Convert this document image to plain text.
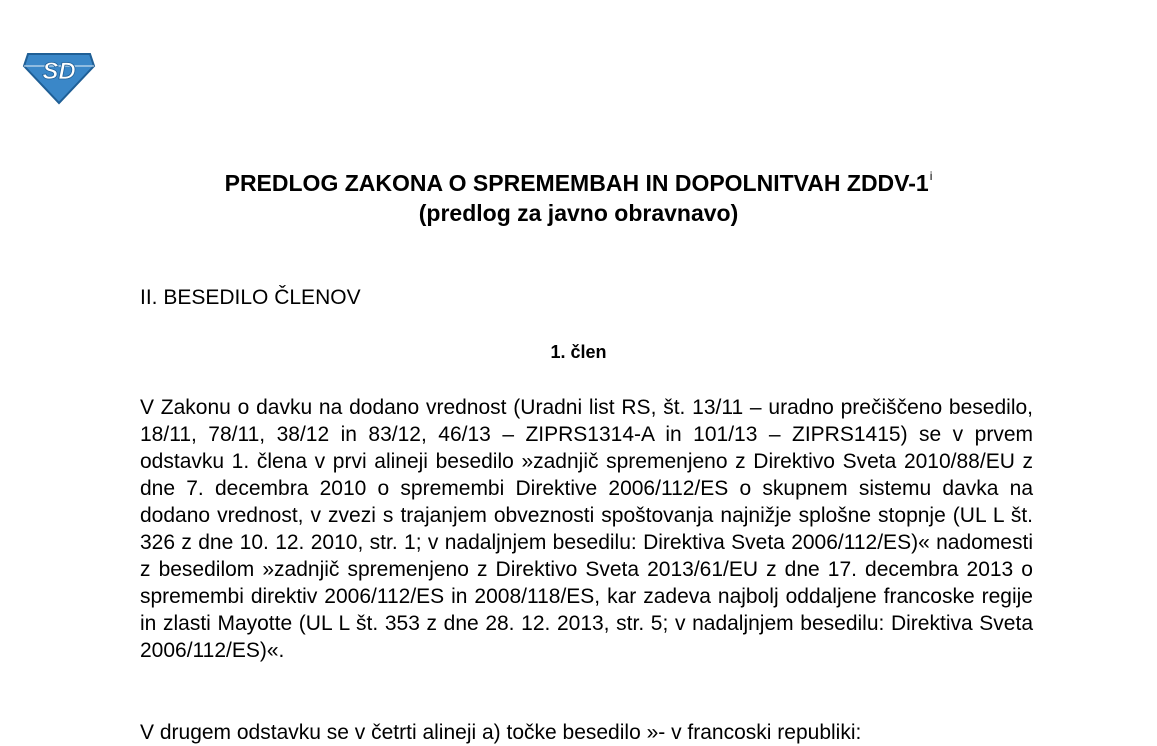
SD
PREDLOG ZAKONA O SPREMEMBAH IN DOPOLNITVAH ZDDV-1$^i$
(predlog za javno obravnavo)
II. BESEDILO ČLENOV
1. člen
V Zakonu o davku na dodano vrednost (Uradni list RS, št. 13/11 – uradno prečiščeno besedilo, 18/11, 78/11, 38/12 in 83/12, 46/13 – ZIPRS1314-A in 101/13 – ZIPRS1415) se v prvem odstavku 1. člena v prvi alineji besedilo »zadnjič spremenjeno z Direktivo Sveta 2010/88/EU z dne 7. decembra 2010 o spremembi Direktive 2006/112/ES o skupnem sistemu davka na dodano vrednost, v zvezi s trajanjem obveznosti spoštovanja najnižje splošne stopnje (UL L št. 326 z dne 10. 12. 2010, str. 1; v nadaljnjem besedilu: Direktiva Sveta 2006/112/ES)« nadomesti z besedilom »zadnjič spremenjeno z Direktivo Sveta 2013/61/EU z dne 17. decembra 2013 o spremembi direktiv 2006/112/ES in 2008/118/ES, kar zadeva najbolj oddaljene francoske regije in zlasti Mayotte (UL L št. 353 z dne 28. 12. 2013, str. 5; v nadaljnjem besedilu: Direktiva Sveta 2006/112/ES)«.
V drugem odstavku se v četrti alineji a) točke besedilo »- v francoski republiki:
